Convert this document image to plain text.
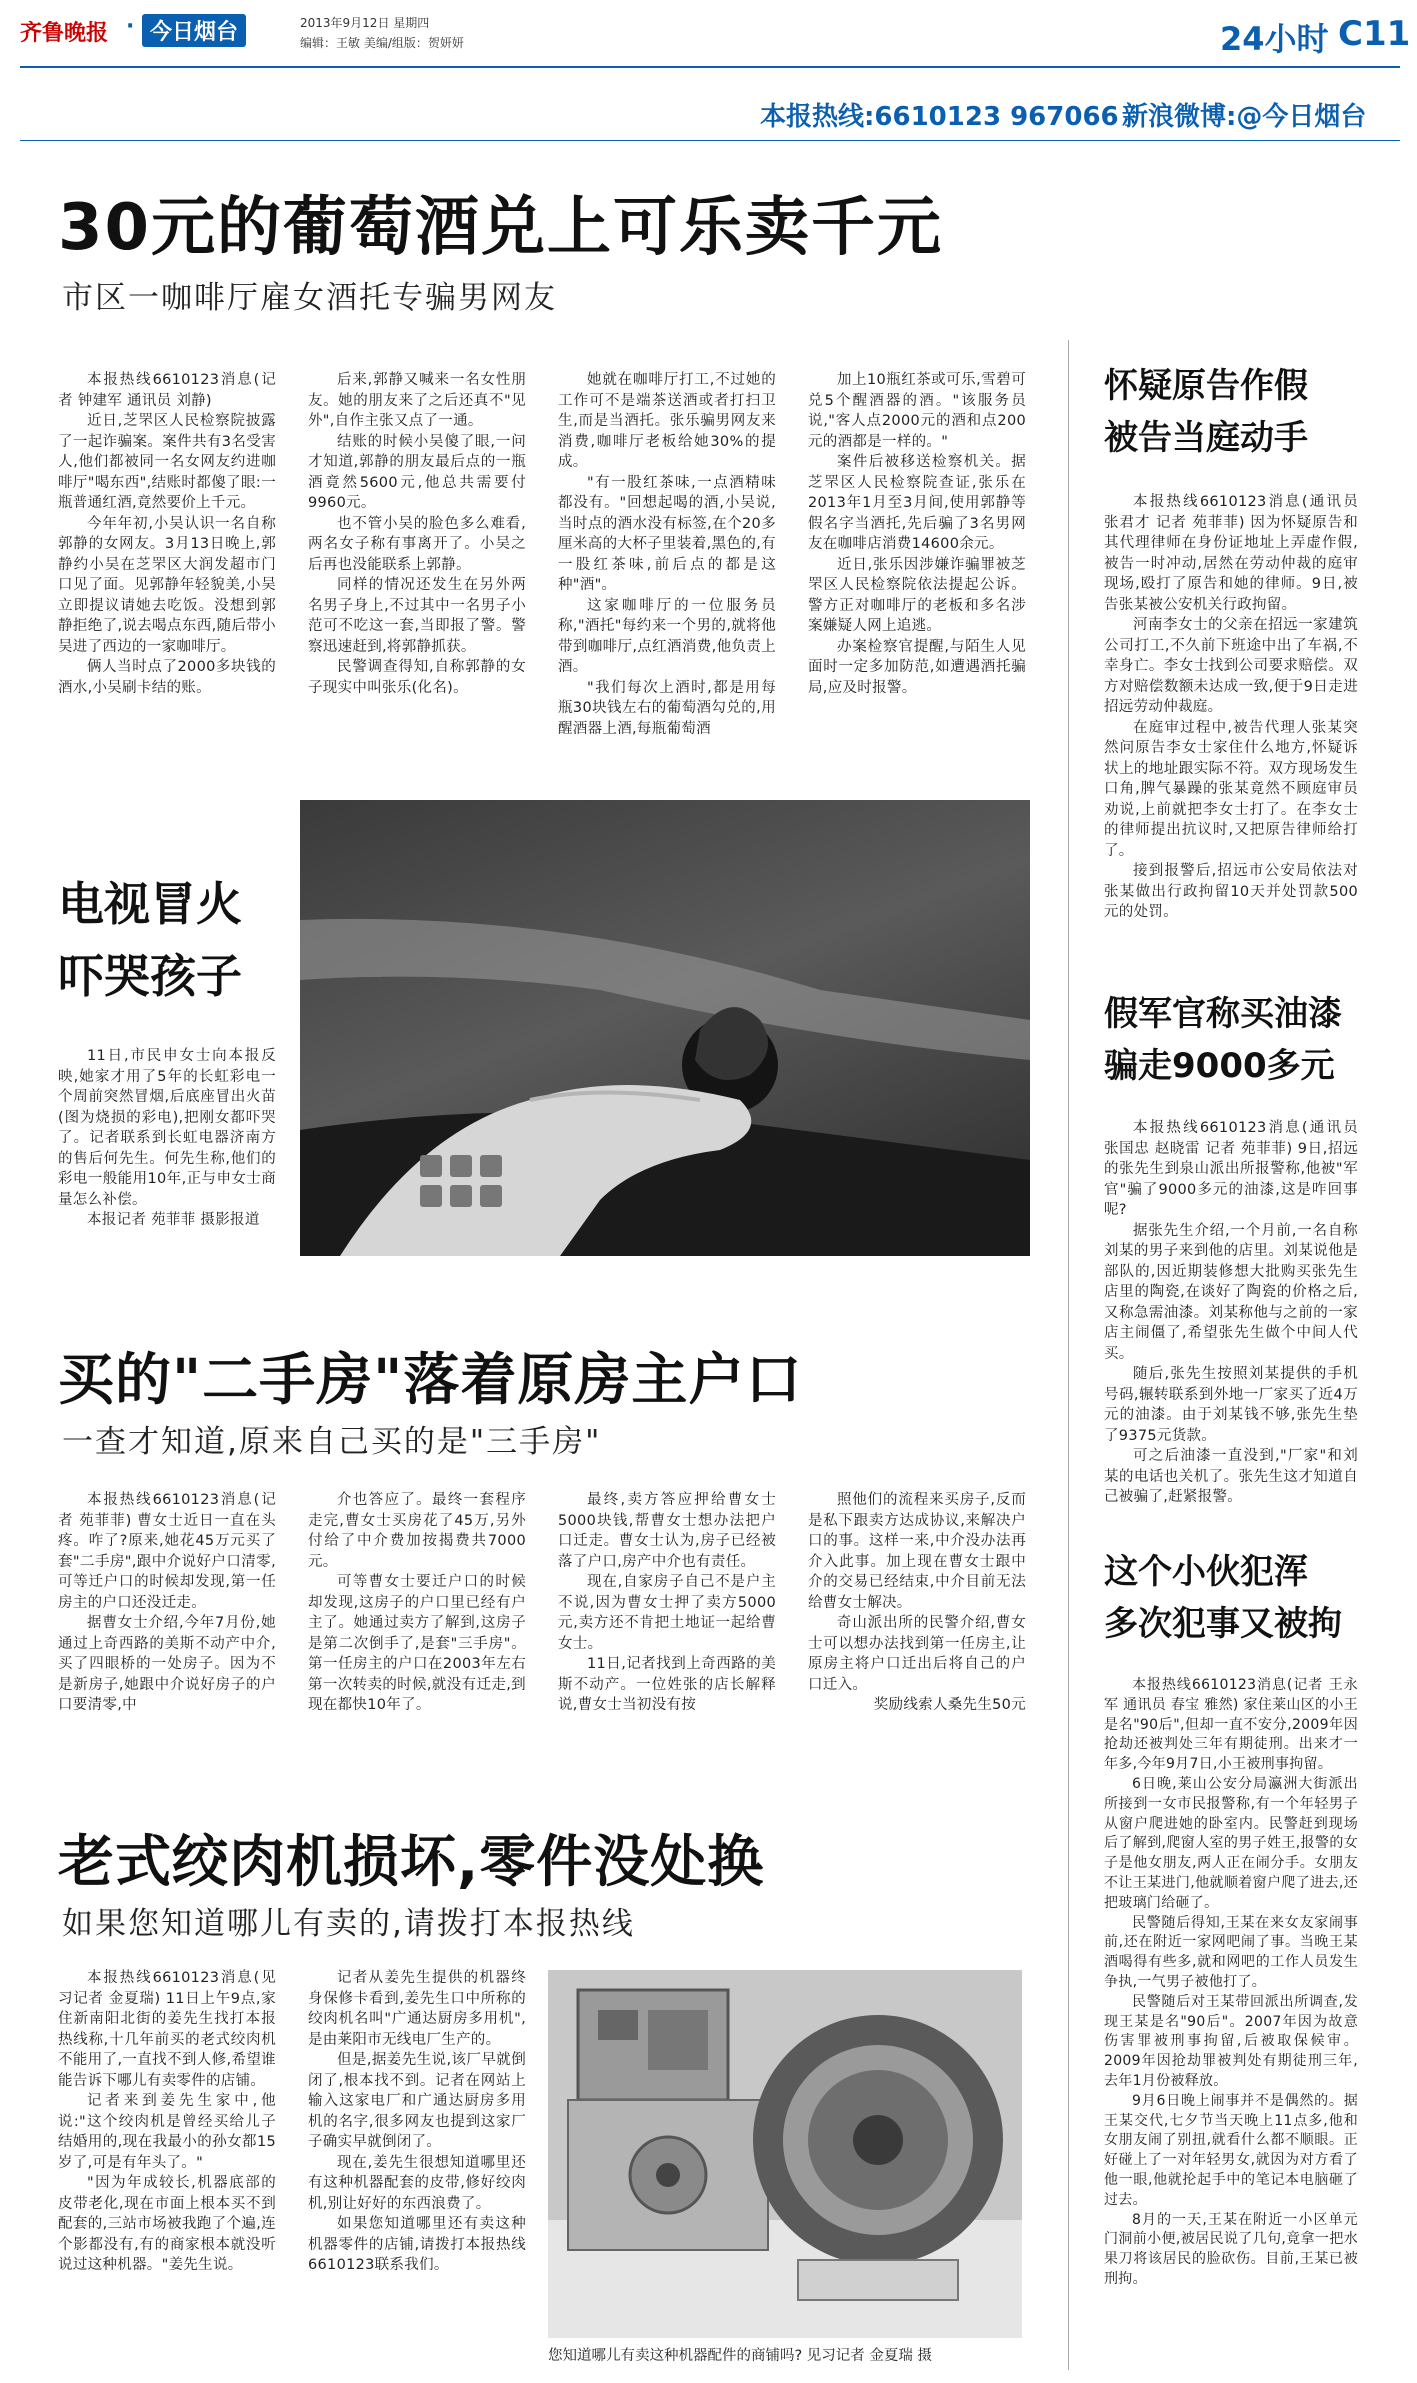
齐鲁晚报 · 今日烟台	2013年9月12日 星期四
编辑：王敏 美编/组版：贺妍妍	24小时 C11
本报热线:6610123 967066 新浪微博:@今日烟台
30元的葡萄酒兑上可乐卖千元
市区一咖啡厅雇女酒托专骗男网友

本报热线6610123消息(记者 钟建军 通讯员 刘静)

近日,芝罘区人民检察院披露了一起诈骗案。案件共有3名受害人,他们都被同一名女网友约进咖啡厅"喝东西",结账时都傻了眼:一瓶普通红酒,竟然要价上千元。

今年年初,小吴认识一名自称郭静的女网友。3月13日晚上,郭静约小吴在芝罘区大润发超市门口见了面。见郭静年轻貌美,小吴立即提议请她去吃饭。没想到郭静拒绝了,说去喝点东西,随后带小吴进了西边的一家咖啡厅。

俩人当时点了2000多块钱的酒水,小吴刷卡结的账。

后来,郭静又喊来一名女性朋友。她的朋友来了之后还真不"见外",自作主张又点了一通。

结账的时候小吴傻了眼,一问才知道,郭静的朋友最后点的一瓶酒竟然5600元,他总共需要付9960元。

也不管小吴的脸色多么难看,两名女子称有事离开了。小吴之后再也没能联系上郭静。

同样的情况还发生在另外两名男子身上,不过其中一名男子小范可不吃这一套,当即报了警。警察迅速赶到,将郭静抓获。

民警调查得知,自称郭静的女子现实中叫张乐(化名)。

她就在咖啡厅打工,不过她的工作可不是端茶送酒或者打扫卫生,而是当酒托。张乐骗男网友来消费,咖啡厅老板给她30%的提成。

"有一股红茶味,一点酒精味都没有。"回想起喝的酒,小吴说,当时点的酒水没有标签,在个20多厘米高的大杯子里装着,黑色的,有一股红茶味,前后点的都是这种"酒"。

这家咖啡厅的一位服务员称,"酒托"每约来一个男的,就将他带到咖啡厅,点红酒消费,他负责上酒。

"我们每次上酒时,都是用每瓶30块钱左右的葡萄酒勾兑的,用醒酒器上酒,每瓶葡萄酒

加上10瓶红茶或可乐,雪碧可兑5个醒酒器的酒。"该服务员说,"客人点2000元的酒和点200元的酒都是一样的。"

案件后被移送检察机关。据芝罘区人民检察院查证,张乐在2013年1月至3月间,使用郭静等假名字当酒托,先后骗了3名男网友在咖啡店消费14600余元。

近日,张乐因涉嫌诈骗罪被芝罘区人民检察院依法提起公诉。警方正对咖啡厅的老板和多名涉案嫌疑人网上追逃。

办案检察官提醒,与陌生人见面时一定多加防范,如遭遇酒托骗局,应及时报警。

电视冒火
吓哭孩子

11日,市民申女士向本报反映,她家才用了5年的长虹彩电一个周前突然冒烟,后底座冒出火苗(图为烧损的彩电),把刚女都吓哭了。记者联系到长虹电器济南方的售后何先生。何先生称,他们的彩电一般能用10年,正与申女士商量怎么补偿。

本报记者 苑菲菲 摄影报道

买的"二手房"落着原房主户口
一查才知道,原来自己买的是"三手房"

本报热线6610123消息(记者 苑菲菲) 曹女士近日一直在头疼。咋了?原来,她花45万元买了套"二手房",跟中介说好户口清零,可等迁户口的时候却发现,第一任房主的户口还没迁走。

据曹女士介绍,今年7月份,她通过上奇西路的美斯不动产中介,买了四眼桥的一处房子。因为不是新房子,她跟中介说好房子的户口要清零,中

介也答应了。最终一套程序走完,曹女士买房花了45万,另外付给了中介费加按揭费共7000元。

可等曹女士要迁户口的时候却发现,这房子的户口里已经有户主了。她通过卖方了解到,这房子是第二次倒手了,是套"三手房"。第一任房主的户口在2003年左右第一次转卖的时候,就没有迁走,到现在都快10年了。

最终,卖方答应押给曹女士5000块钱,帮曹女士想办法把户口迁走。曹女士认为,房子已经被落了户口,房产中介也有责任。

现在,自家房子自己不是户主不说,因为曹女士押了卖方5000元,卖方还不肯把土地证一起给曹女士。

11日,记者找到上奇西路的美斯不动产。一位姓张的店长解释说,曹女士当初没有按

照他们的流程来买房子,反而是私下跟卖方达成协议,来解决户口的事。这样一来,中介没办法再介入此事。加上现在曹女士跟中介的交易已经结束,中介目前无法给曹女士解决。

奇山派出所的民警介绍,曹女士可以想办法找到第一任房主,让原房主将户口迁出后将自己的户口迁入。

奖励线索人桑先生50元

老式绞肉机损坏,零件没处换
如果您知道哪儿有卖的,请拨打本报热线

本报热线6610123消息(见习记者 金夏瑞) 11日上午9点,家住新南阳北街的姜先生找打本报热线称,十几年前买的老式绞肉机不能用了,一直找不到人修,希望谁能告诉下哪儿有卖零件的店铺。

记者来到姜先生家中,他说:"这个绞肉机是曾经买给儿子结婚用的,现在我最小的孙女都15岁了,可是有年头了。"

"因为年成较长,机器底部的皮带老化,现在市面上根本买不到配套的,三站市场被我跑了个遍,连个影都没有,有的商家根本就没听说过这种机器。"姜先生说。

记者从姜先生提供的机器终身保修卡看到,姜先生口中所称的绞肉机名叫"广通达厨房多用机",是由莱阳市无线电厂生产的。

但是,据姜先生说,该厂早就倒闭了,根本找不到。记者在网站上输入这家电厂和广通达厨房多用机的名字,很多网友也提到这家厂子确实早就倒闭了。

现在,姜先生很想知道哪里还有这种机器配套的皮带,修好绞肉机,别让好好的东西浪费了。

如果您知道哪里还有卖这种机器零件的店铺,请拨打本报热线6610123联系我们。

您知道哪儿有卖这种机器配件的商铺吗? 见习记者 金夏瑞 摄
怀疑原告作假
被告当庭动手

本报热线6610123消息(通讯员 张君才 记者 苑菲菲) 因为怀疑原告和其代理律师在身份证地址上弄虚作假,被告一时冲动,居然在劳动仲裁的庭审现场,殴打了原告和她的律师。9日,被告张某被公安机关行政拘留。

河南李女士的父亲在招远一家建筑公司打工,不久前下班途中出了车祸,不幸身亡。李女士找到公司要求赔偿。双方对赔偿数额未达成一致,便于9日走进招远劳动仲裁庭。

在庭审过程中,被告代理人张某突然问原告李女士家住什么地方,怀疑诉状上的地址跟实际不符。双方现场发生口角,脾气暴躁的张某竟然不顾庭审员劝说,上前就把李女士打了。在李女士的律师提出抗议时,又把原告律师给打了。

接到报警后,招远市公安局依法对张某做出行政拘留10天并处罚款500元的处罚。

假军官称买油漆
骗走9000多元

本报热线6610123消息(通讯员 张国忠 赵晓雷 记者 苑菲菲) 9日,招远的张先生到泉山派出所报警称,他被"军官"骗了9000多元的油漆,这是咋回事呢?

据张先生介绍,一个月前,一名自称刘某的男子来到他的店里。刘某说他是部队的,因近期装修想大批购买张先生店里的陶瓷,在谈好了陶瓷的价格之后,又称急需油漆。刘某称他与之前的一家店主闹僵了,希望张先生做个中间人代买。

随后,张先生按照刘某提供的手机号码,辗转联系到外地一厂家买了近4万元的油漆。由于刘某钱不够,张先生垫了9375元货款。

可之后油漆一直没到,"厂家"和刘某的电话也关机了。张先生这才知道自己被骗了,赶紧报警。

这个小伙犯浑
多次犯事又被拘

本报热线6610123消息(记者 王永军 通讯员 春宝 雅然) 家住莱山区的小王是名"90后",但却一直不安分,2009年因抢劫还被判处三年有期徒刑。出来才一年多,今年9月7日,小王被刑事拘留。

6日晚,莱山公安分局瀛洲大街派出所接到一女市民报警称,有一个年轻男子从窗户爬进她的卧室内。民警赶到现场后了解到,爬窗人室的男子姓王,报警的女子是他女朋友,两人正在闹分手。女朋友不让王某进门,他就顺着窗户爬了进去,还把玻璃门给砸了。

民警随后得知,王某在来女友家闹事前,还在附近一家网吧闹了事。当晚王某酒喝得有些多,就和网吧的工作人员发生争执,一气男子被他打了。

民警随后对王某带回派出所调查,发现王某是名"90后"。2007年因为故意伤害罪被刑事拘留,后被取保候审。2009年因抢劫罪被判处有期徒刑三年,去年1月份被释放。

9月6日晚上闹事并不是偶然的。据王某交代,七夕节当天晚上11点多,他和女朋友闹了别扭,就看什么都不顺眼。正好碰上了一对年轻男女,就因为对方看了他一眼,他就抡起手中的笔记本电脑砸了过去。

8月的一天,王某在附近一小区单元门洞前小便,被居民说了几句,竟拿一把水果刀将该居民的脸砍伤。目前,王某已被刑拘。
